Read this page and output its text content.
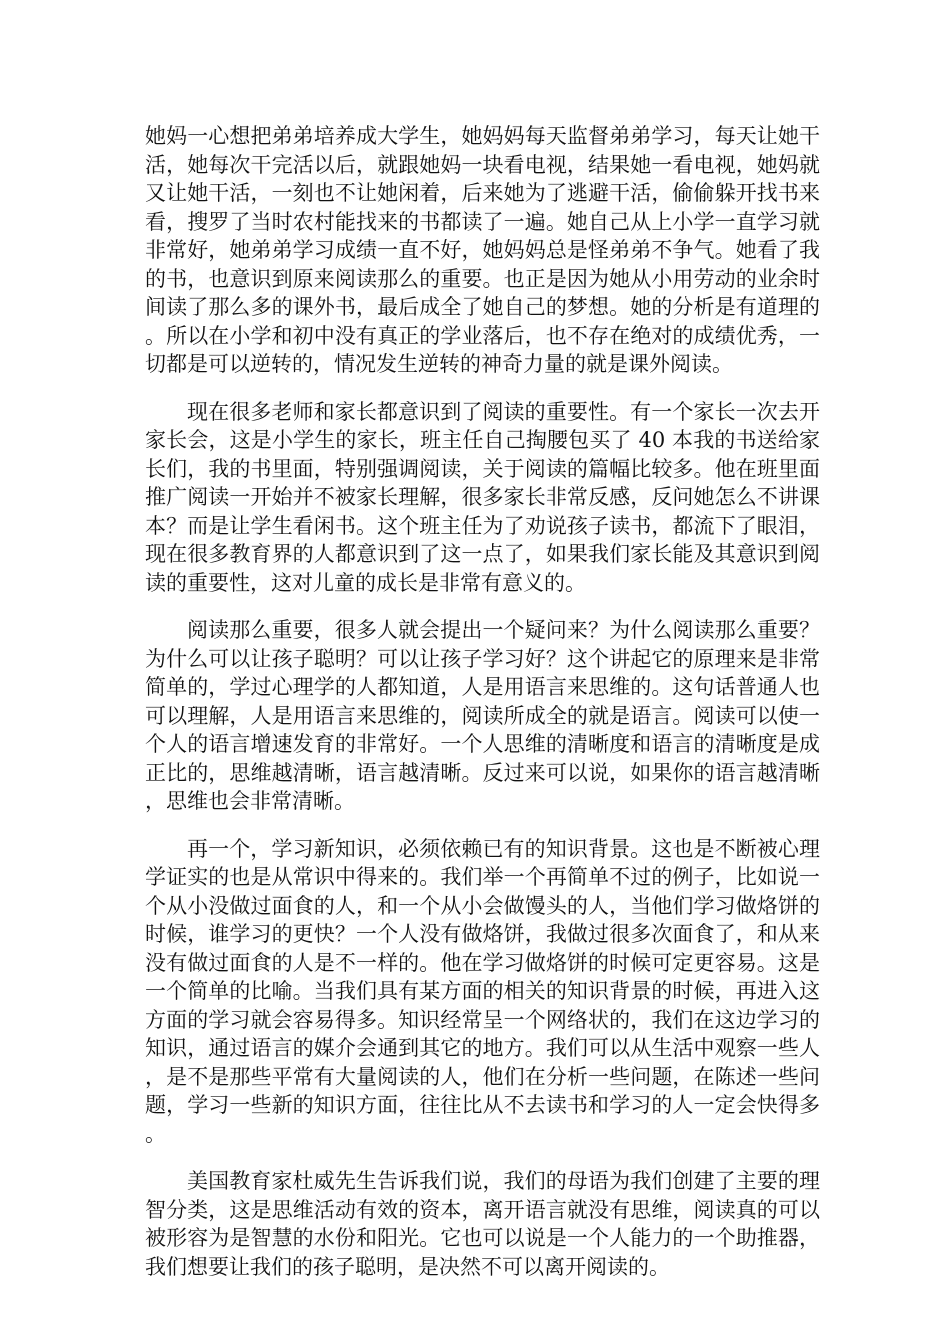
她妈一心想把弟弟培养成大学生，她妈妈每天监督弟弟学习，每天让她干活，她每次干完活以后，就跟她妈一块看电视，结果她一看电视，她妈就又让她干活，一刻也不让她闲着，后来她为了逃避干活，偷偷躲开找书来看，搜罗了当时农村能找来的书都读了一遍。她自己从上小学一直学习就非常好，她弟弟学习成绩一直不好，她妈妈总是怪弟弟不争气。她看了我的书，也意识到原来阅读那么的重要。也正是因为她从小用劳动的业余时间读了那么多的课外书，最后成全了她自己的梦想。她的分析是有道理的。所以在小学和初中没有真正的学业落后，也不存在绝对的成绩优秀，一切都是可以逆转的，情况发生逆转的神奇力量的就是课外阅读。

现在很多老师和家长都意识到了阅读的重要性。有一个家长一次去开家长会，这是小学生的家长，班主任自己掏腰包买了 40 本我的书送给家长们，我的书里面，特别强调阅读，关于阅读的篇幅比较多。他在班里面推广阅读一开始并不被家长理解，很多家长非常反感，反问她怎么不讲课本？而是让学生看闲书。这个班主任为了劝说孩子读书，都流下了眼泪，现在很多教育界的人都意识到了这一点了，如果我们家长能及其意识到阅读的重要性，这对儿童的成长是非常有意义的。

阅读那么重要，很多人就会提出一个疑问来？为什么阅读那么重要？为什么可以让孩子聪明？可以让孩子学习好？这个讲起它的原理来是非常简单的，学过心理学的人都知道，人是用语言来思维的。这句话普通人也可以理解，人是用语言来思维的，阅读所成全的就是语言。阅读可以使一个人的语言增速发育的非常好。一个人思维的清晰度和语言的清晰度是成正比的，思维越清晰，语言越清晰。反过来可以说，如果你的语言越清晰，思维也会非常清晰。

再一个，学习新知识，必须依赖已有的知识背景。这也是不断被心理学证实的也是从常识中得来的。我们举一个再简单不过的例子，比如说一个从小没做过面食的人，和一个从小会做馒头的人，当他们学习做烙饼的时候，谁学习的更快？一个人没有做烙饼，我做过很多次面食了，和从来没有做过面食的人是不一样的。他在学习做烙饼的时候可定更容易。这是一个简单的比喻。当我们具有某方面的相关的知识背景的时候，再进入这方面的学习就会容易得多。知识经常呈一个网络状的，我们在这边学习的知识，通过语言的媒介会通到其它的地方。我们可以从生活中观察一些人，是不是那些平常有大量阅读的人，他们在分析一些问题，在陈述一些问题，学习一些新的知识方面，往往比从不去读书和学习的人一定会快得多。

美国教育家杜威先生告诉我们说，我们的母语为我们创建了主要的理智分类，这是思维活动有效的资本，离开语言就没有思维，阅读真的可以被形容为是智慧的水份和阳光。它也可以说是一个人能力的一个助推器，我们想要让我们的孩子聪明，是决然不可以离开阅读的。
